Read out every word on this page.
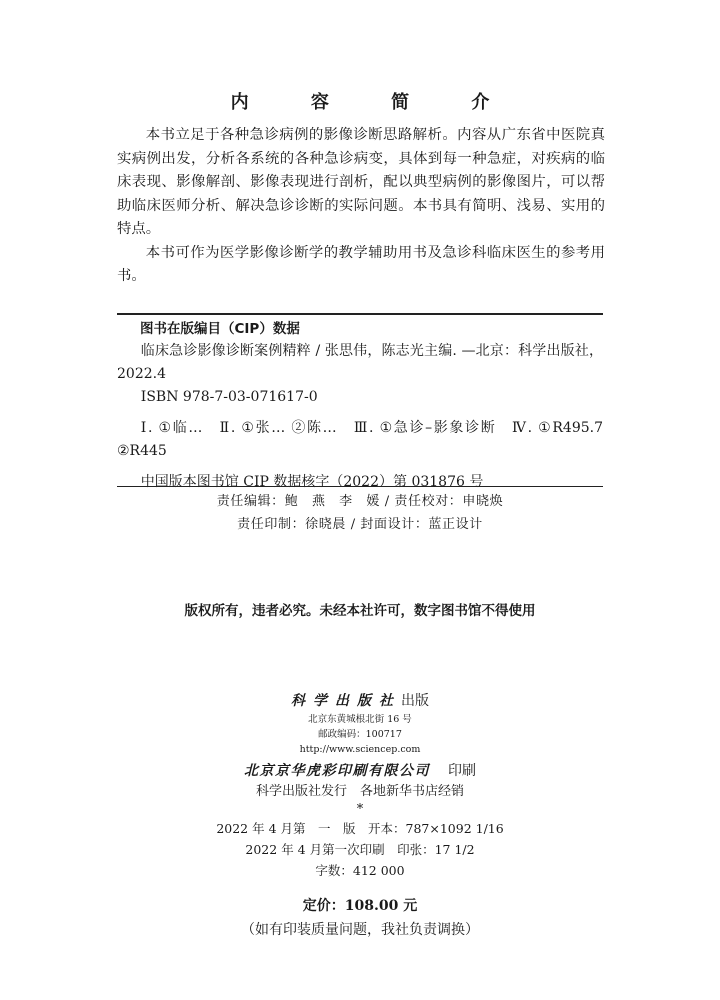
内 容 简 介

本书立足于各种急诊病例的影像诊断思路解析。内容从广东省中医院真实病例出发，分析各系统的各种急诊病变，具体到每一种急症，对疾病的临床表现、影像解剖、影像表现进行剖析，配以典型病例的影像图片，可以帮助临床医师分析、解决急诊诊断的实际问题。本书具有简明、浅易、实用的特点。

本书可作为医学影像诊断学的教学辅助用书及急诊科临床医生的参考用书。

图书在版编目（CIP）数据

临床急诊影像诊断案例精粹 / 张思伟，陈志光主编. —北京：科学出版社，2022.4

ISBN 978-7-03-071617-0

Ⅰ. ①临…　Ⅱ. ①张… ②陈…　Ⅲ. ①急诊–影象诊断　Ⅳ. ①R495.7 ②R445

中国版本图书馆 CIP 数据核字（2022）第 031876 号

责任编辑：鲍　燕　李　媛 / 责任校对：申晓焕
责任印制：徐晓晨 / 封面设计：蓝正设计
版权所有，违者必究。未经本社许可，数字图书馆不得使用
科学出版社出版
北京东黄城根北街 16 号
邮政编码：100717
http://www.sciencep.com
北京京华虎彩印刷有限公司 印刷
科学出版社发行　各地新华书店经销
*
2022 年 4 月第　一　版　开本：787×1092 1/16
2022 年 4 月第一次印刷　印张：17 1/2
字数：412 000
定价：108.00 元
（如有印装质量问题，我社负责调换）
